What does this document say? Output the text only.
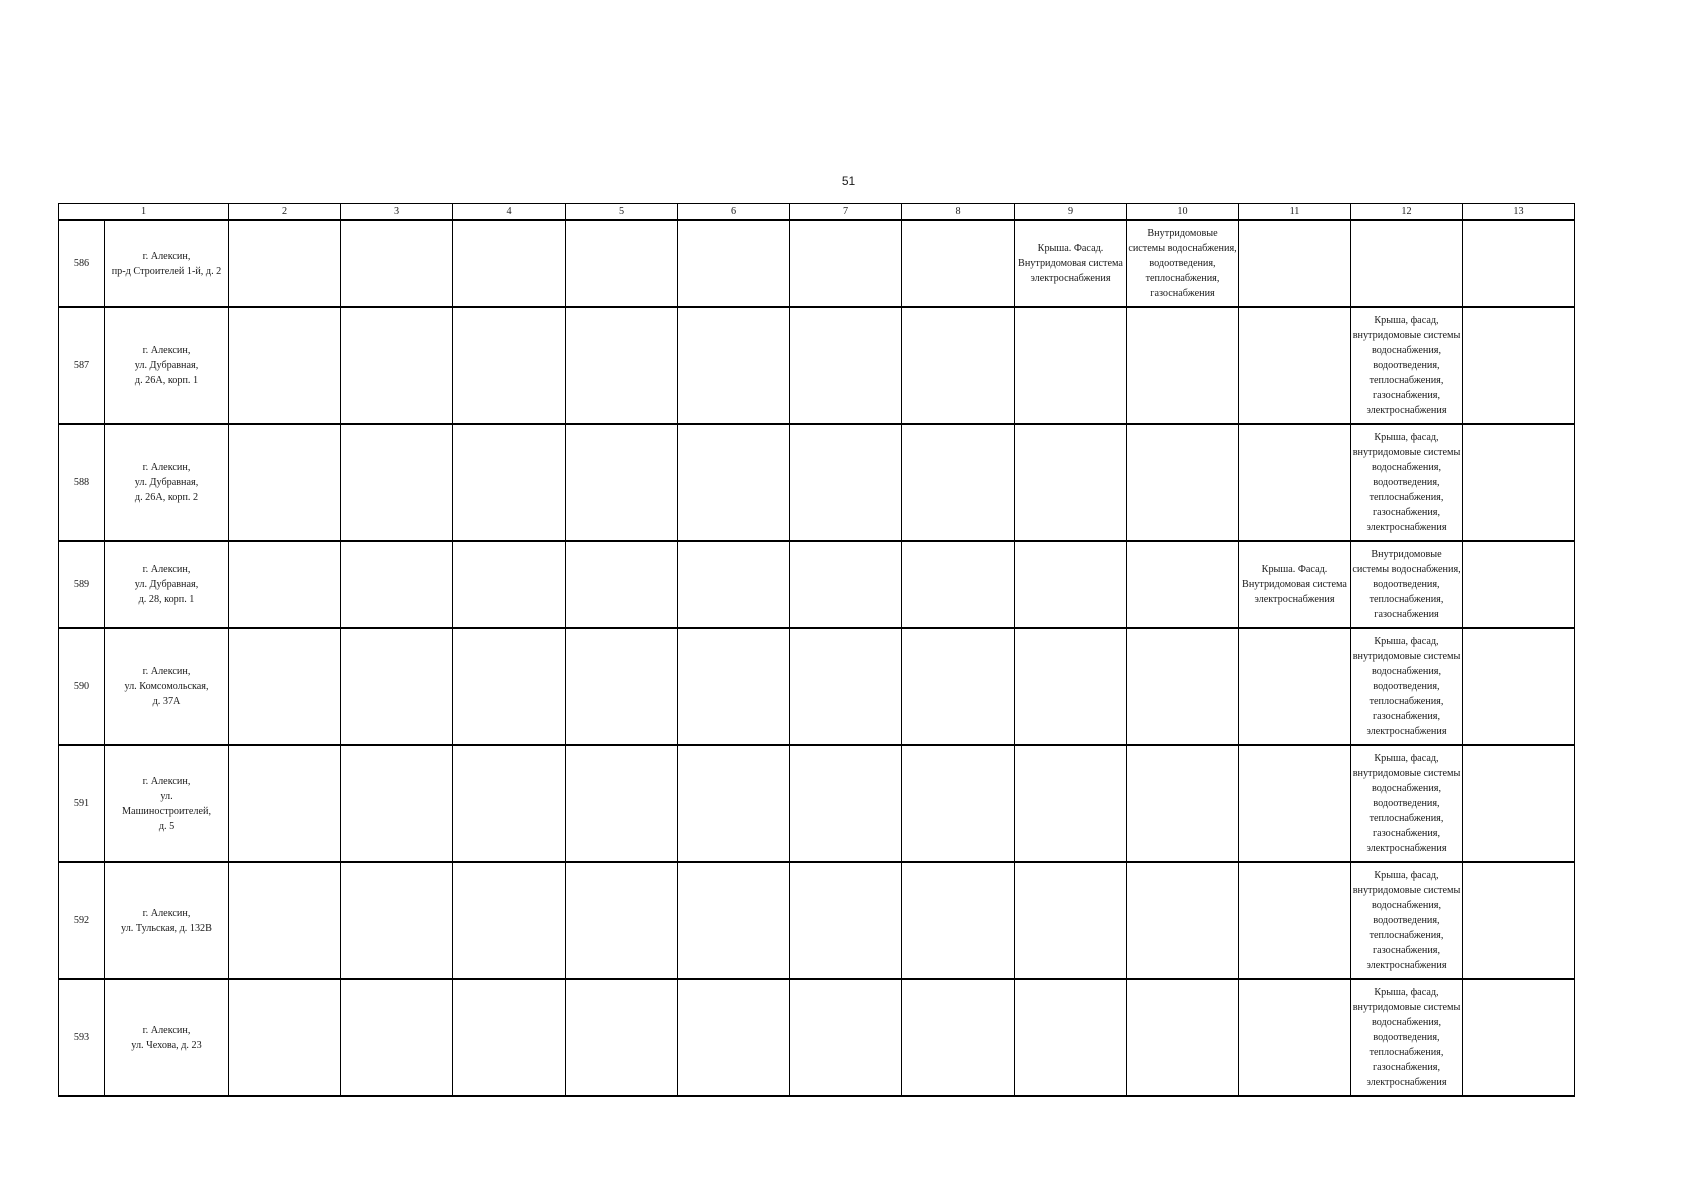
51
1		2	3	4	5	6	7	8	9	10	11	12	13
586	г. Алексин,
пр-д Строителей 1-й, д. 2								Крыша. Фасад. Внутридомовая система электроснабжения	Внутридомовые системы водоснабжения, водоотведения, теплоснабжения, газоснабжения			

587	г. Алексин,
ул. Дубравная,
д. 26А, корп. 1											Крыша, фасад, внутридомовые системы водоснабжения, водоотведения, теплоснабжения, газоснабжения, электроснабжения	

588	г. Алексин,
ул. Дубравная,
д. 26А, корп. 2											Крыша, фасад, внутридомовые системы водоснабжения, водоотведения, теплоснабжения, газоснабжения, электроснабжения	

589	г. Алексин,
ул. Дубравная,
д. 28, корп. 1										Крыша. Фасад. Внутридомовая система электроснабжения	Внутридомовые системы водоснабжения, водоотведения, теплоснабжения, газоснабжения	

590	г. Алексин,
ул. Комсомольская,
д. 37А											Крыша, фасад, внутридомовые системы водоснабжения, водоотведения, теплоснабжения, газоснабжения, электроснабжения	

591	г. Алексин,
ул.
Машиностроителей,
д. 5											Крыша, фасад, внутридомовые системы водоснабжения, водоотведения, теплоснабжения, газоснабжения, электроснабжения	

592	г. Алексин,
ул. Тульская, д. 132В											Крыша, фасад, внутридомовые системы водоснабжения, водоотведения, теплоснабжения, газоснабжения, электроснабжения	

593	г. Алексин,
ул. Чехова, д. 23											Крыша, фасад, внутридомовые системы водоснабжения, водоотведения, теплоснабжения, газоснабжения, электроснабжения	
